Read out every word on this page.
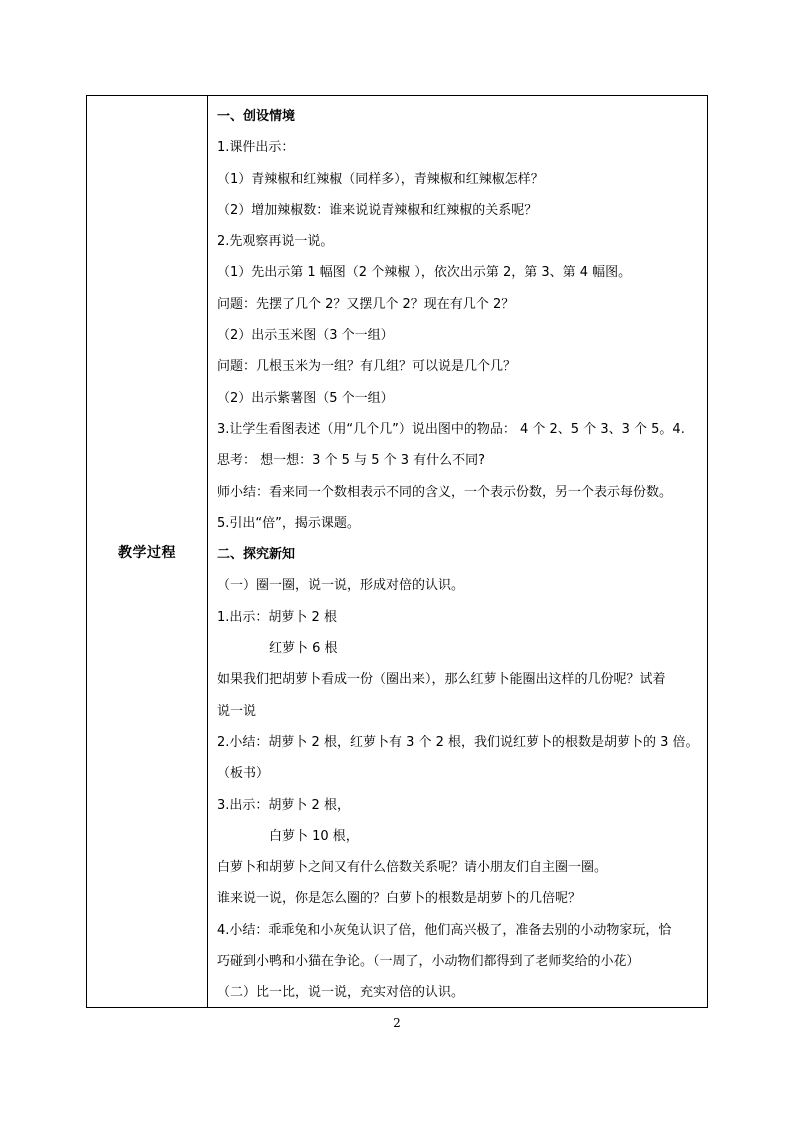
教学过程
一、创设情境
1.课件出示：
（1）青辣椒和红辣椒（同样多），青辣椒和红辣椒怎样？
（2）增加辣椒数：谁来说说青辣椒和红辣椒的关系呢？
2.先观察再说一说。
（1）先出示第 1 幅图（2 个辣椒 ），依次出示第 2，第 3、第 4 幅图。
问题：先摆了几个 2？又摆几个 2？现在有几个 2？
（2）出示玉米图（3 个一组）
问题：几根玉米为一组？有几组？可以说是几个几？
（2）出示紫薯图（5 个一组）
3.让学生看图表述（用“几个几”）说出图中的物品： 4 个 2、5 个 3、3 个 5。4.
思考： 想一想：3 个 5 与 5 个 3 有什么不同?
师小结：看来同一个数相表示不同的含义，一个表示份数，另一个表示每份数。
5.引出“倍”，揭示课题。
二、探究新知
（一）圈一圈，说一说，形成对倍的认识。
1.出示：胡萝卜 2 根
　　　　红萝卜 6 根
如果我们把胡萝卜看成一份（圈出来），那么红萝卜能圈出这样的几份呢？试着
说一说
2.小结：胡萝卜 2 根，红萝卜有 3 个 2 根，我们说红萝卜的根数是胡萝卜的 3 倍。
（板书）
3.出示：胡萝卜 2 根，
　　　　白萝卜 10 根，
白萝卜和胡萝卜之间又有什么倍数关系呢？请小朋友们自主圈一圈。
谁来说一说，你是怎么圈的？白萝卜的根数是胡萝卜的几倍呢？
4.小结：乖乖兔和小灰兔认识了倍，他们高兴极了，准备去别的小动物家玩，恰
巧碰到小鸭和小猫在争论。（一周了，小动物们都得到了老师奖给的小花）
（二）比一比，说一说，充实对倍的认识。
2
